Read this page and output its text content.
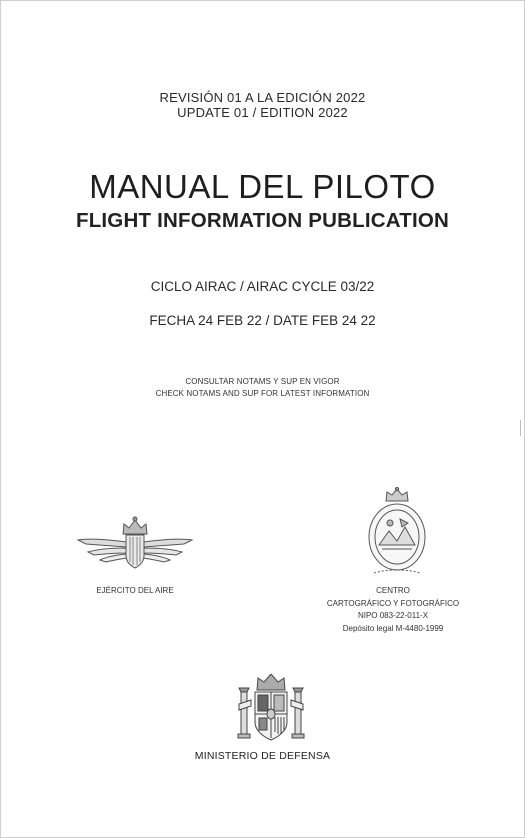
REVISIÓN 01 A LA EDICIÓN 2022
UPDATE 01 / EDITION 2022
MANUAL DEL PILOTO
FLIGHT INFORMATION PUBLICATION
CICLO AIRAC / AIRAC CYCLE 03/22
FECHA 24 FEB 22 / DATE FEB 24 22
CONSULTAR NOTAMS Y SUP EN VIGOR
CHECK NOTAMS AND SUP FOR LATEST INFORMATION
EJÉRCITO DEL AIRE	CENTRO
CARTOGRÁFICO Y FOTOGRÁFICO
NIPO 083-22-011-X
Depósito legal M-4480-1999
MINISTERIO DE DEFENSA
